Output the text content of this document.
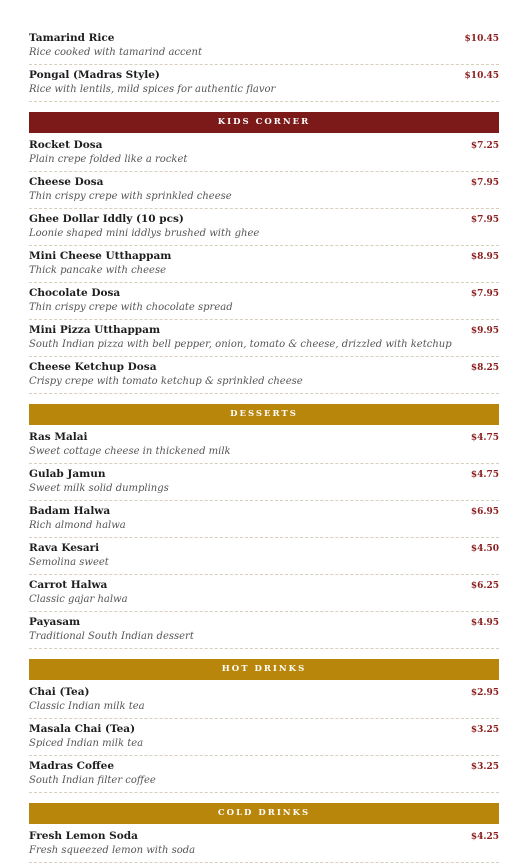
Tamarind Rice	$10.45
Rice cooked with tamarind accent
Pongal (Madras Style)	$10.45
Rice with lentils, mild spices for authentic flavor
KIDS CORNER
Rocket Dosa	$7.25
Plain crepe folded like a rocket
Cheese Dosa	$7.95
Thin crispy crepe with sprinkled cheese
Ghee Dollar Iddly (10 pcs)	$7.95
Loonie shaped mini iddlys brushed with ghee
Mini Cheese Utthappam	$8.95
Thick pancake with cheese
Chocolate Dosa	$7.95
Thin crispy crepe with chocolate spread
Mini Pizza Utthappam	$9.95
South Indian pizza with bell pepper, onion, tomato & cheese, drizzled with ketchup
Cheese Ketchup Dosa	$8.25
Crispy crepe with tomato ketchup & sprinkled cheese
DESSERTS
Ras Malai	$4.75
Sweet cottage cheese in thickened milk
Gulab Jamun	$4.75
Sweet milk solid dumplings
Badam Halwa	$6.95
Rich almond halwa
Rava Kesari	$4.50
Semolina sweet
Carrot Halwa	$6.25
Classic gajar halwa
Payasam	$4.95
Traditional South Indian dessert
HOT DRINKS
Chai (Tea)	$2.95
Classic Indian milk tea
Masala Chai (Tea)	$3.25
Spiced Indian milk tea
Madras Coffee	$3.25
South Indian filter coffee
COLD DRINKS
Fresh Lemon Soda	$4.25
Fresh squeezed lemon with soda
